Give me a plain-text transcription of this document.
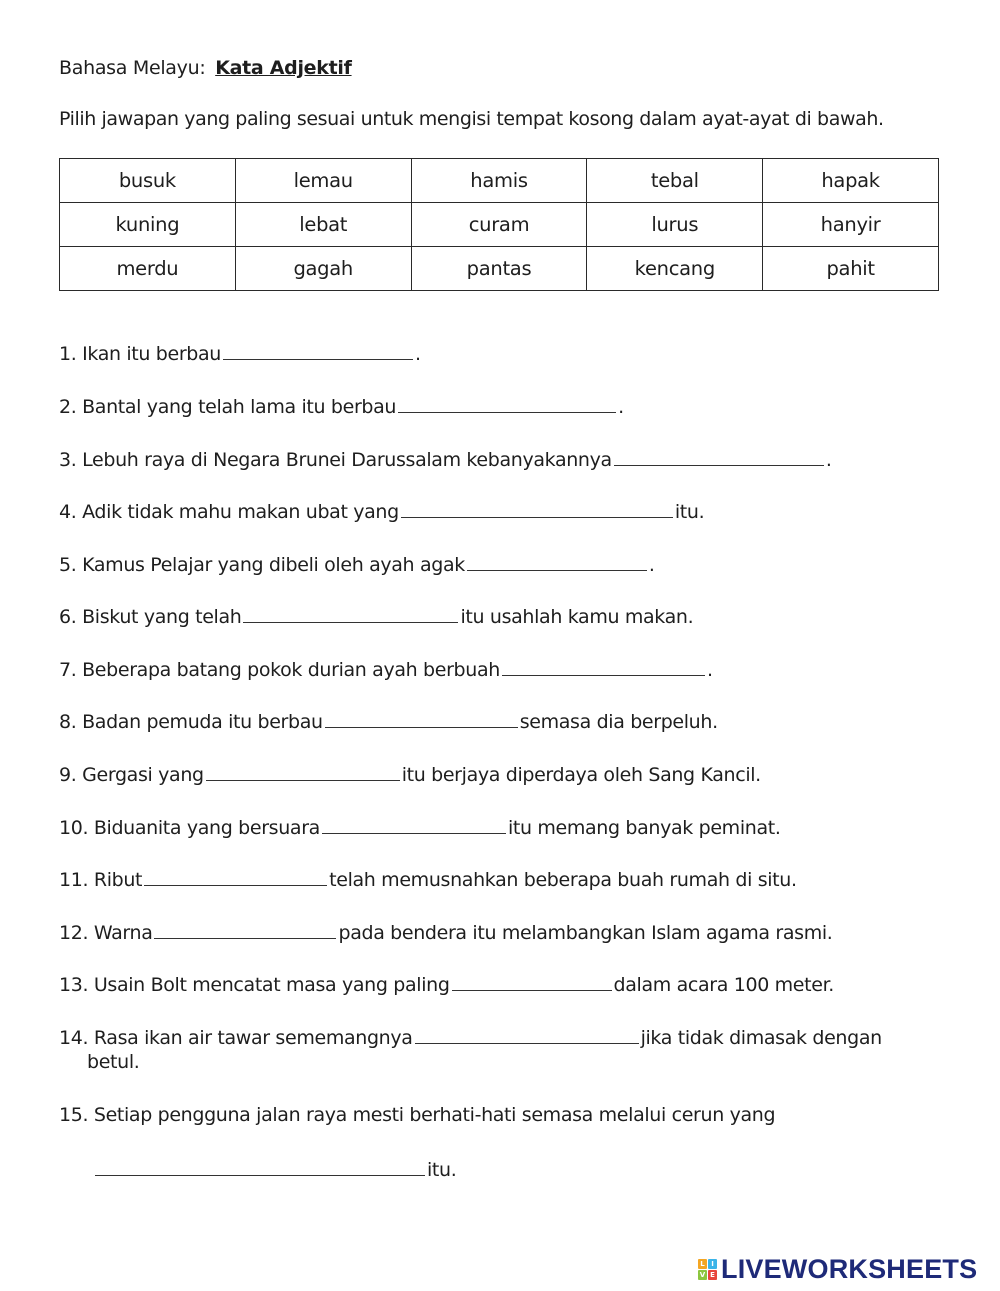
Bahasa Melayu: Kata Adjektif
Pilih jawapan yang paling sesuai untuk mengisi tempat kosong dalam ayat-ayat di bawah.
busuk	lemau	hamis	tebal	hapak
kuning	lebat	curam	lurus	hanyir
merdu	gagah	pantas	kencang	pahit
1. Ikan itu berbau	.
2. Bantal yang telah lama itu berbau	.
3. Lebuh raya di Negara Brunei Darussalam kebanyakannya	.
4. Adik tidak mahu makan ubat yang	itu.
5. Kamus Pelajar yang dibeli oleh ayah agak	.
6. Biskut yang telah	itu usahlah kamu makan.
7. Beberapa batang pokok durian ayah berbuah	.
8. Badan pemuda itu berbau	semasa dia berpeluh.
9. Gergasi yang	itu berjaya diperdaya oleh Sang Kancil.
10. Biduanita yang bersuara	itu memang banyak peminat.
11. Ribut	telah memusnahkan beberapa buah rumah di situ.
12. Warna	pada bendera itu melambangkan Islam agama rasmi.
13. Usain Bolt mencatat masa yang paling	dalam acara 100 meter.
14. Rasa ikan air tawar sememangnya	jika tidak dimasak dengan
betul.
15. Setiap pengguna jalan raya mesti berhati-hati semasa melalui cerun yang
itu.
L I
V E LIVEWORKSHEETS
